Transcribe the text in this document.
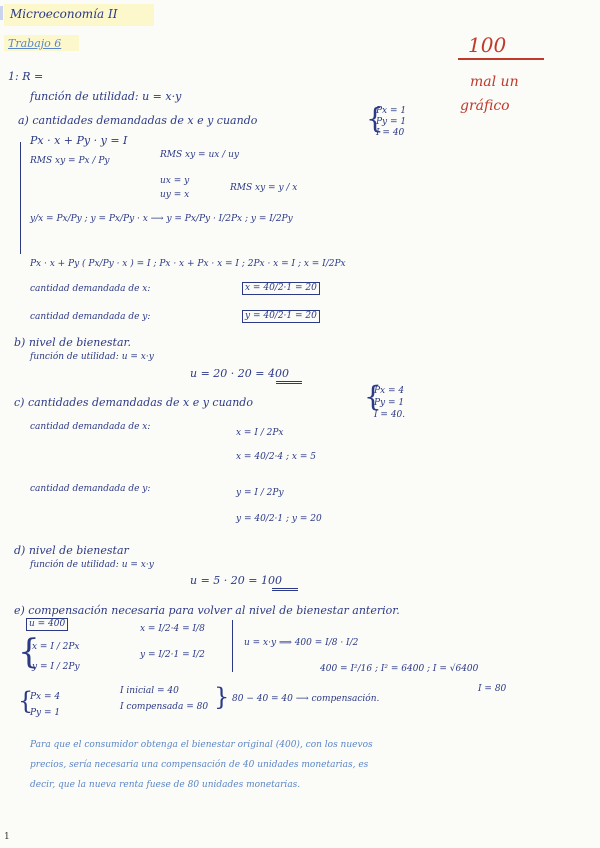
Microeconomía II
Trabajo 6	100
mal un
gráfico
1: R =
función de utilidad: u = x·y
a) cantidades demandadas de x e y cuando	{
Px = 1
Py = 1
I = 40
Px · x + Py · y = I
RMS xy = Px / Py
RMS xy = ux / uy
ux = y
uy = x
RMS xy = y / x
y/x = Px/Py ; y = Px/Py · x ⟶ y = Px/Py · I/2Px ; y = I/2Py
Px · x + Py ( Px/Py · x ) = I ; Px · x + Px · x = I ; 2Px · x = I ; x = I/2Px
cantidad demandada de x:	x = 40/2·1 = 20
cantidad demandada de y:	y = 40/2·1 = 20
b) nivel de bienestar.
función de utilidad: u = x·y
u = 20 · 20 = 400
c) cantidades demandadas de x e y cuando	{
Px = 4
Py = 1
I = 40.
cantidad demandada de x:
x = I / 2Px
x = 40/2·4 ; x = 5
cantidad demandada de y:	y = I / 2Py
y = 40/2·1 ; y = 20
d) nivel de bienestar
función de utilidad: u = x·y
u = 5 · 20 = 100
e) compensación necesaria para volver al nivel de bienestar anterior.
u = 400
{
x = I / 2Px
y = I / 2Py
x = I/2·4 = I/8
y = I/2·1 = I/2
u = x·y ⟹ 400 = I/8 · I/2
400 = I²/16 ; I² = 6400 ; I = √6400
I = 80
{
Px = 4
Py = 1
I inicial = 40
I compensada = 80 } 80 − 40 = 40 ⟶ compensación.
Para que el consumidor obtenga el bienestar original (400), con los nuevos
precios, sería necesaria una compensación de 40 unidades monetarias, es
decir, que la nueva renta fuese de 80 unidades monetarias.
1
